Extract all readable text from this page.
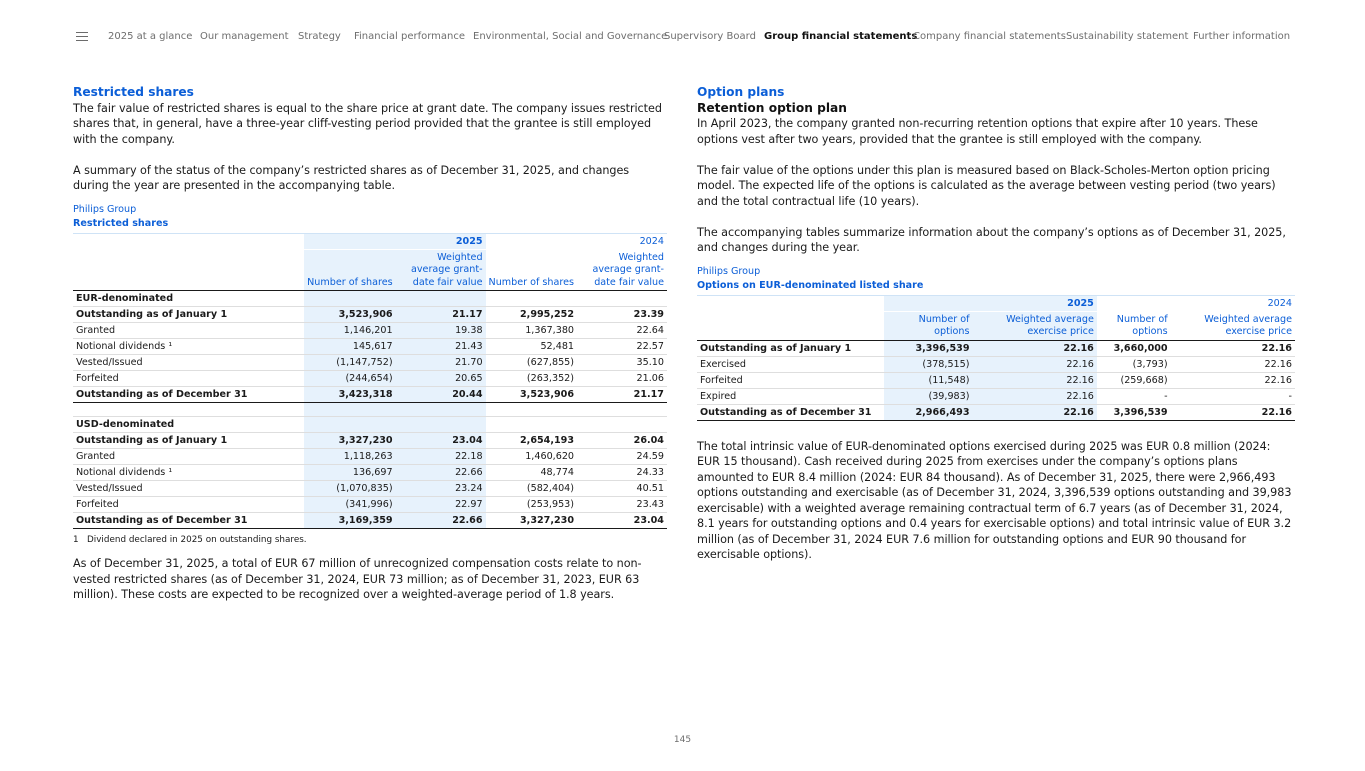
2025 at a glance Our management Strategy Financial performance Environmental, Social and Governance
Supervisory Board Group financial statements
Company financial statements Sustainability statement Further information
Restricted shares
The fair value of restricted shares is equal to the share price at grant date. The company issues restricted shares that, in general, have a three-year cliff-vesting period provided that the grantee is still employed with the company.
A summary of the status of the company’s restricted shares as of December 31, 2025, and changes during the year are presented in the accompanying table.
Philips Group
Restricted shares
		2025		2024
	Number of shares	Weighted average grant-date fair value	Number of shares	Weighted average grant-date fair value
EUR-denominated				
Outstanding as of January 1	3,523,906	21.17	2,995,252	23.39
Granted	1,146,201	19.38	1,367,380	22.64
Notional dividends ¹	145,617	21.43	52,481	22.57
Vested/Issued	(1,147,752)	21.70	(627,855)	35.10
Forfeited	(244,654)	20.65	(263,352)	21.06
Outstanding as of December 31	3,423,318	20.44	3,523,906	21.17

USD-denominated				
Outstanding as of January 1	3,327,230	23.04	2,654,193	26.04
Granted	1,118,263	22.18	1,460,620	24.59
Notional dividends ¹	136,697	22.66	48,774	24.33
Vested/Issued	(1,070,835)	23.24	(582,404)	40.51
Forfeited	(341,996)	22.97	(253,953)	23.43
Outstanding as of December 31	3,169,359	22.66	3,327,230	23.04
1 Dividend declared in 2025 on outstanding shares.
As of December 31, 2025, a total of EUR 67 million of unrecognized compensation costs relate to non-vested restricted shares (as of December 31, 2024, EUR 73 million; as of December 31, 2023, EUR 63 million). These costs are expected to be recognized over a weighted-average period of 1.8 years.
Option plans
Retention option plan
In April 2023, the company granted non-recurring retention options that expire after 10 years. These options vest after two years, provided that the grantee is still employed with the company.
The fair value of the options under this plan is measured based on Black-Scholes-Merton option pricing model. The expected life of the options is calculated as the average between vesting period (two years) and the total contractual life (10 years).
The accompanying tables summarize information about the company’s options as of December 31, 2025, and changes during the year.
Philips Group
Options on EUR-denominated listed share
		2025		2024
	Number of options	Weighted average exercise price	Number of options	Weighted average exercise price
Outstanding as of January 1	3,396,539	22.16	3,660,000	22.16
Exercised	(378,515)	22.16	(3,793)	22.16
Forfeited	(11,548)	22.16	(259,668)	22.16
Expired	(39,983)	22.16	-	-
Outstanding as of December 31	2,966,493	22.16	3,396,539	22.16
The total intrinsic value of EUR-denominated options exercised during 2025 was EUR 0.8 million (2024: EUR 15 thousand). Cash received during 2025 from exercises under the company’s options plans amounted to EUR 8.4 million (2024: EUR 84 thousand). As of December 31, 2025, there were 2,966,493 options outstanding and exercisable (as of December 31, 2024, 3,396,539 options outstanding and 39,983 exercisable) with a weighted average remaining contractual term of 6.7 years (as of December 31, 2024, 8.1 years for outstanding options and 0.4 years for exercisable options) and total intrinsic value of EUR 3.2 million (as of December 31, 2024 EUR 7.6 million for outstanding options and EUR 90 thousand for exercisable options).
145
